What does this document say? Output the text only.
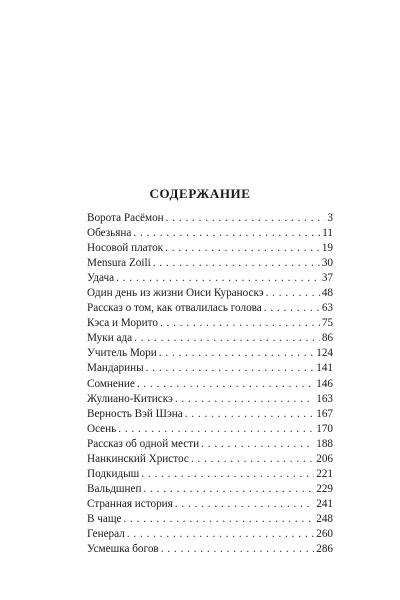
СОДЕРЖАНИЕ
Ворота Расёмон . . .	3
Обезьяна . . .	11
Носовой платок . . .	19
Mensura Zoili . . .	30
Удача . . .	37
Один день из жизни Оиси Кураноскэ . . .	48
Рассказ о том, как отвалилась голова . . .	63
Кэса и Морито . . .	75
Муки ада . . .	86
Учитель Мори . . .	124
Мандарины . . .	141
Сомнение . . .	146
Жулиано-Китискэ . . .	163
Верность Вэй Шэна . . .	167
Осень . . .	170
Рассказ об одной мести . . .	188
Нанкинский Христос . . .	206
Подкидыш . . .	221
Вальдшнеп . . .	229
Странная история . . .	241
В чаще . . .	248
Генерал . . .	260
Усмешка богов . . .	286
